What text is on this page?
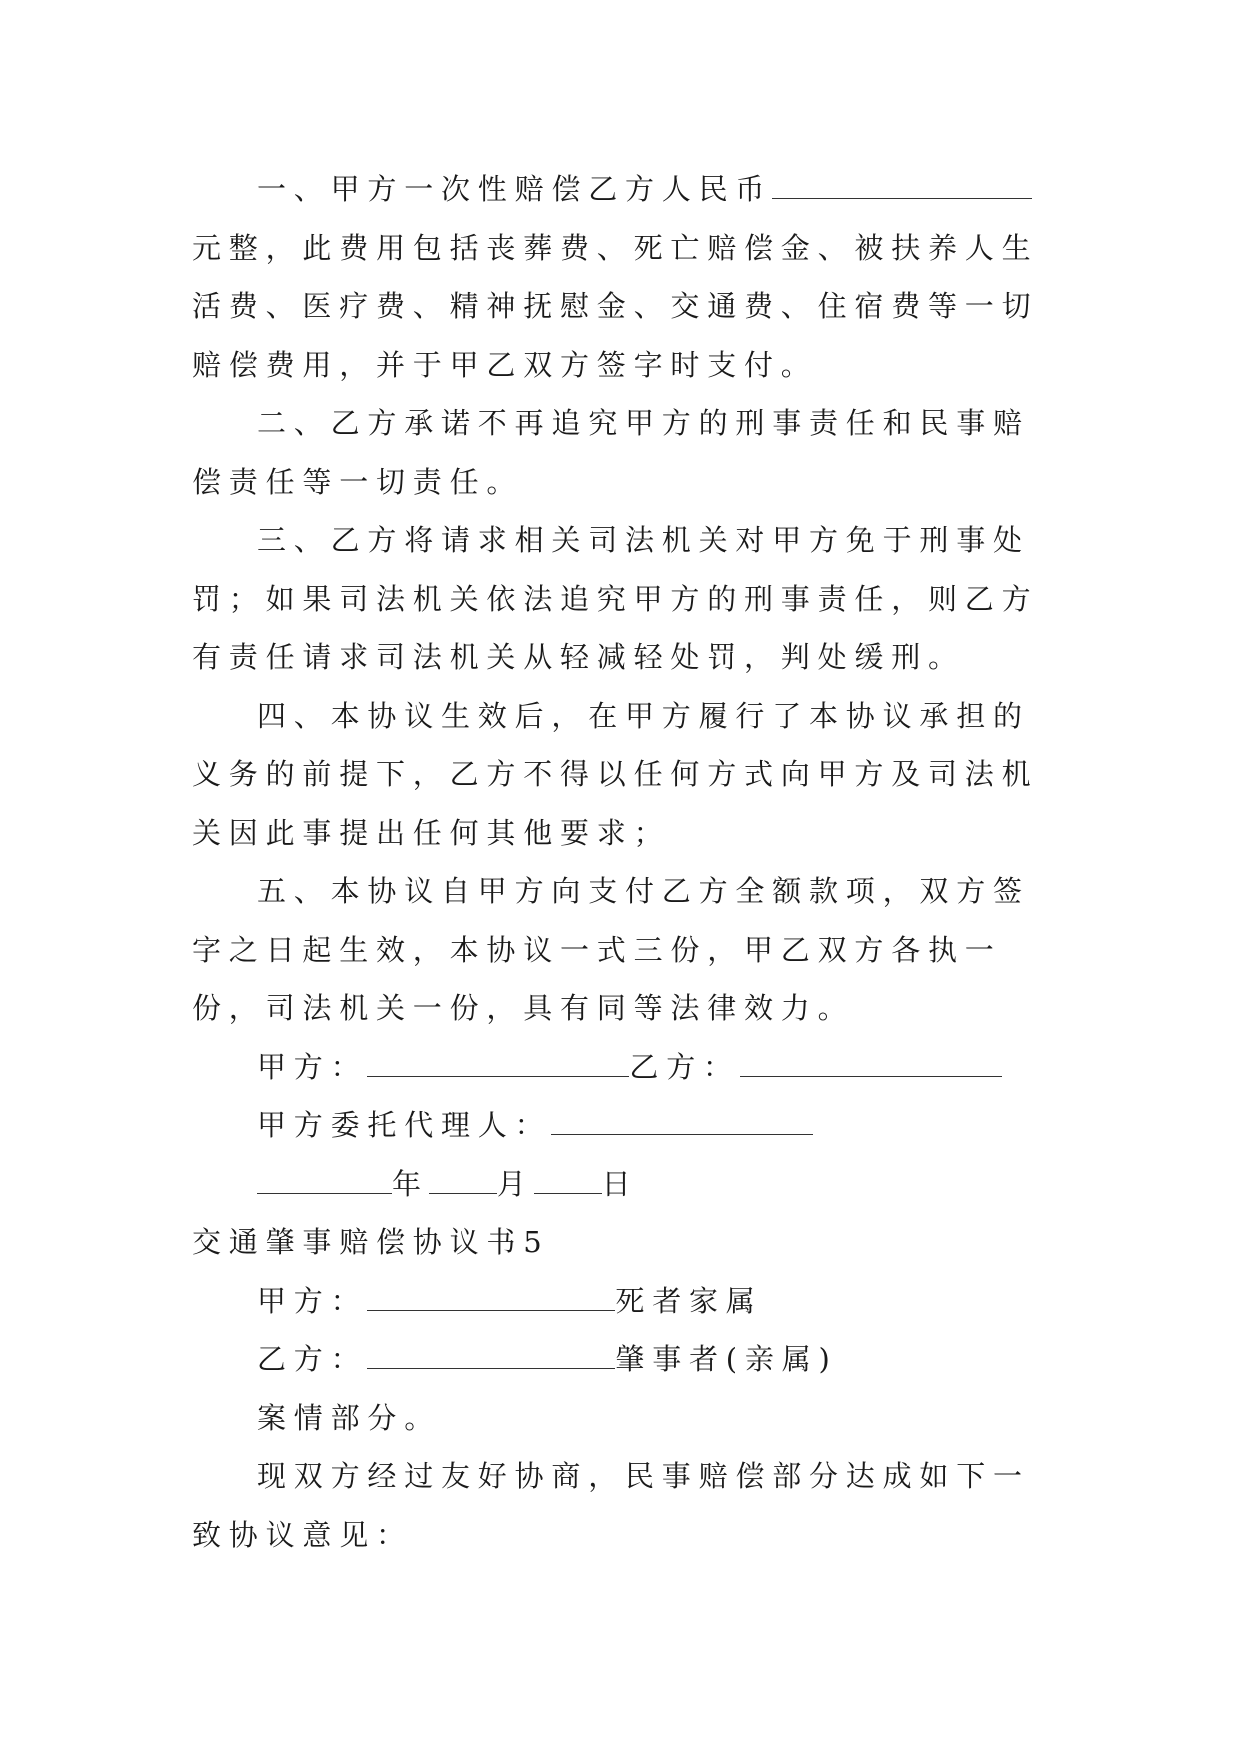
一、甲方一次性赔偿乙方人民币元整，此费用包括丧葬费、死亡赔偿金、被扶养人生活费、医疗费、精神抚慰金、交通费、住宿费等一切赔偿费用，并于甲乙双方签字时支付。

二、乙方承诺不再追究甲方的刑事责任和民事赔偿责任等一切责任。

三、乙方将请求相关司法机关对甲方免于刑事处罚；如果司法机关依法追究甲方的刑事责任，则乙方有责任请求司法机关从轻减轻处罚，判处缓刑。

四、本协议生效后，在甲方履行了本协议承担的义务的前提下，乙方不得以任何方式向甲方及司法机关因此事提出任何其他要求；

五、本协议自甲方向支付乙方全额款项，双方签字之日起生效，本协议一式三份，甲乙双方各执一份，司法机关一份，具有同等法律效力。

甲方：	乙方：

甲方委托代理人：

年 月 日

交通肇事赔偿协议书5

甲方：	死者家属

乙方：	肇事者(亲属)

案情部分。

现双方经过友好协商，民事赔偿部分达成如下一致协议意见：
